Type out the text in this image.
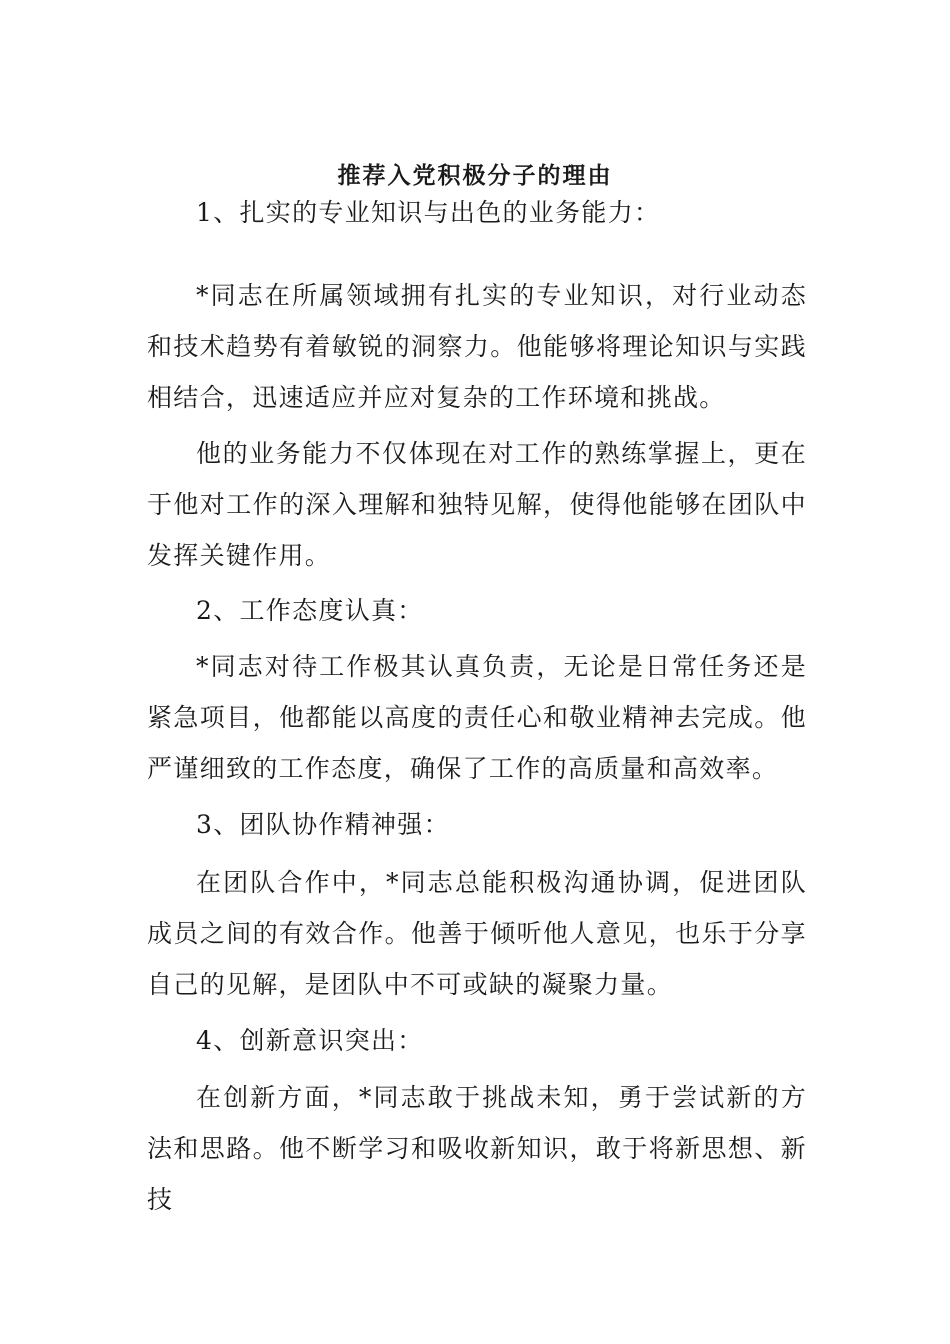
推荐入党积极分子的理由

1、扎实的专业知识与出色的业务能力：

*同志在所属领域拥有扎实的专业知识，对行业动态和技术趋势有着敏锐的洞察力。他能够将理论知识与实践相结合，迅速适应并应对复杂的工作环境和挑战。

他的业务能力不仅体现在对工作的熟练掌握上，更在于他对工作的深入理解和独特见解，使得他能够在团队中发挥关键作用。

2、工作态度认真：

*同志对待工作极其认真负责，无论是日常任务还是紧急项目，他都能以高度的责任心和敬业精神去完成。他严谨细致的工作态度，确保了工作的高质量和高效率。

3、团队协作精神强：

在团队合作中，*同志总能积极沟通协调，促进团队成员之间的有效合作。他善于倾听他人意见，也乐于分享自己的见解，是团队中不可或缺的凝聚力量。

4、创新意识突出：

在创新方面，*同志敢于挑战未知，勇于尝试新的方法和思路。他不断学习和吸收新知识，敢于将新思想、新技
